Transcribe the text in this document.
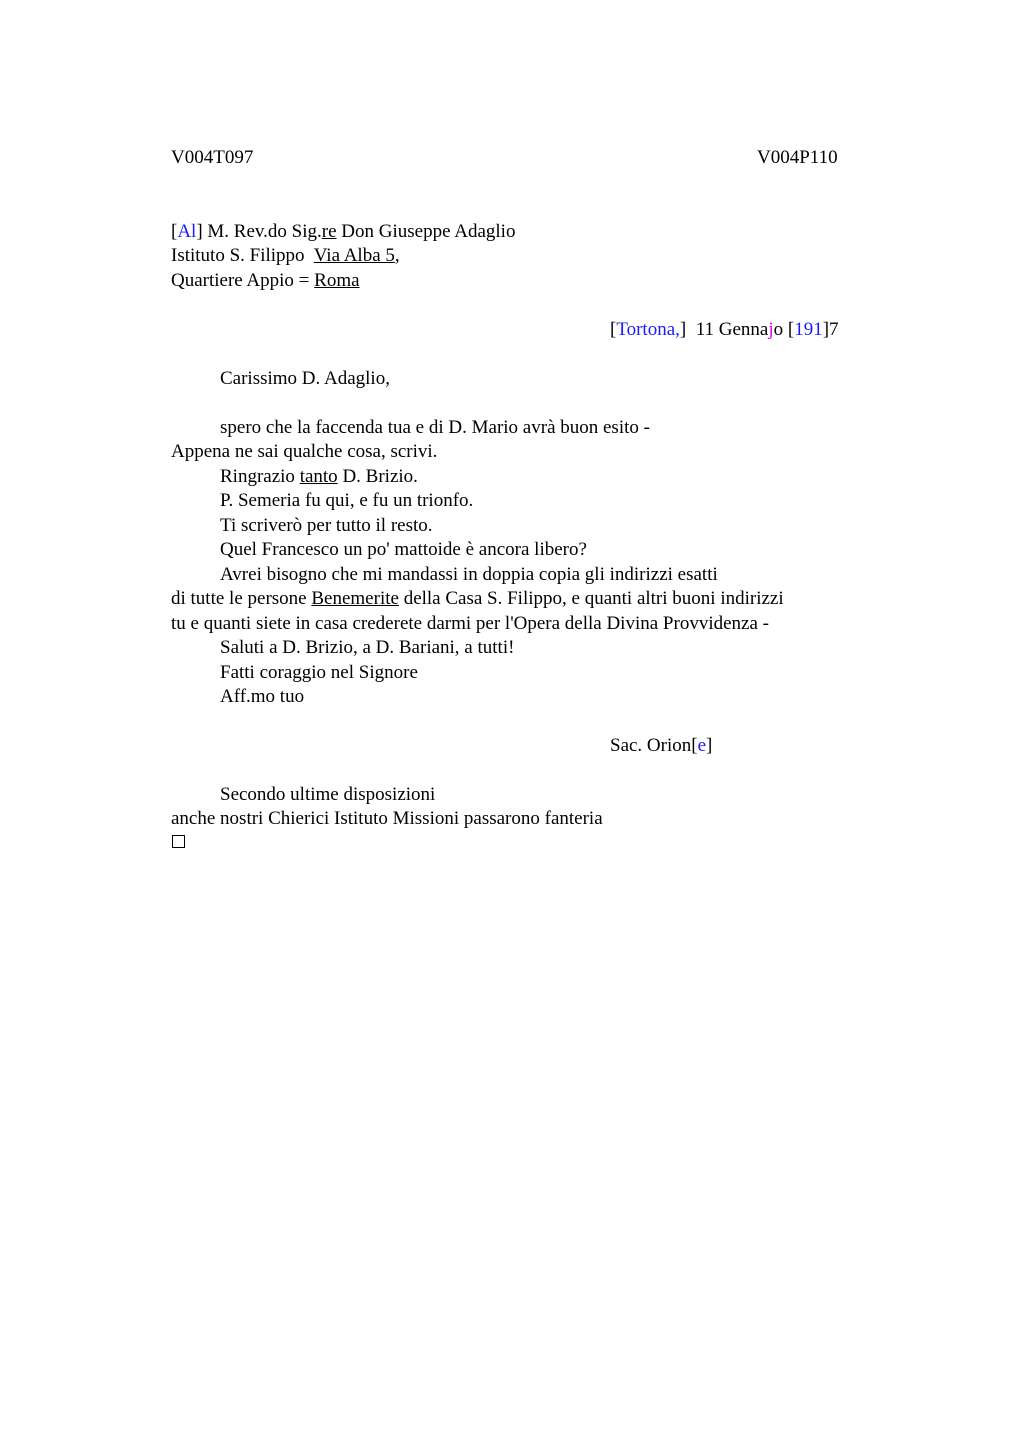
V004T097	V004P110
[Al] M. Rev.do Sig.re Don Giuseppe Adaglio
Istituto S. Filippo  Via Alba 5,
Quartiere Appio = Roma
[Tortona,]  11 Gennajo [191]7
Carissimo D. Adaglio,
spero che la faccenda tua e di D. Mario avrà buon esito -
Appena ne sai qualche cosa, scrivi.
Ringrazio tanto D. Brizio.
P. Semeria fu qui, e fu un trionfo.
Ti scriverò per tutto il resto.
Quel Francesco un po' mattoide è ancora libero?
Avrei bisogno che mi mandassi in doppia copia gli indirizzi esatti
di tutte le persone Benemerite della Casa S. Filippo, e quanti altri buoni indirizzi
tu e quanti siete in casa crederete darmi per l'Opera della Divina Provvidenza -
Saluti a D. Brizio, a D. Bariani, a tutti!
Fatti coraggio nel Signore
Aff.mo tuo
Sac. Orion[e]
Secondo ultime disposizioni
anche nostri Chierici Istituto Missioni passarono fanteria
